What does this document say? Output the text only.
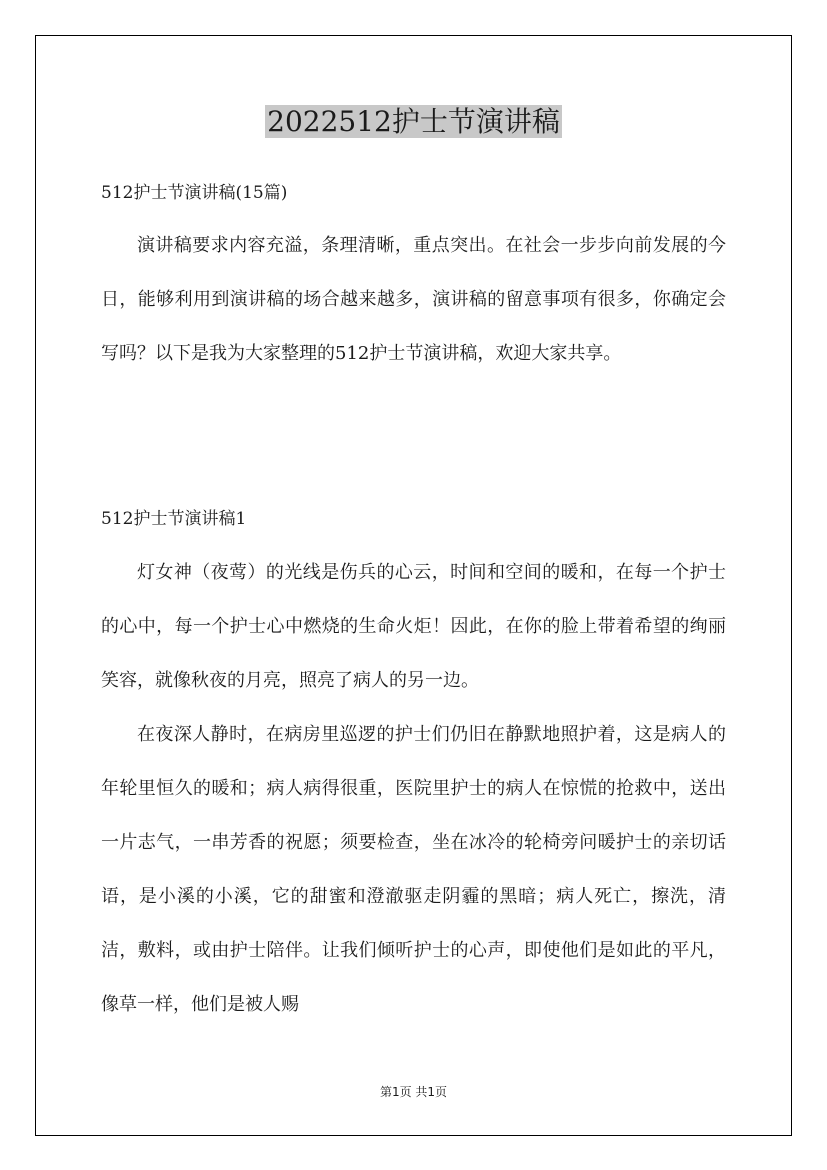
2022512护士节演讲稿
512护士节演讲稿(15篇)

演讲稿要求内容充溢，条理清晰，重点突出。在社会一步步向前发展的今日，能够利用到演讲稿的场合越来越多，演讲稿的留意事项有很多，你确定会写吗？以下是我为大家整理的512护士节演讲稿，欢迎大家共享。

512护士节演讲稿1

灯女神（夜莺）的光线是伤兵的心云，时间和空间的暖和，在每一个护士的心中，每一个护士心中燃烧的生命火炬！因此，在你的脸上带着希望的绚丽笑容，就像秋夜的月亮，照亮了病人的另一边。

在夜深人静时，在病房里巡逻的护士们仍旧在静默地照护着，这是病人的年轮里恒久的暖和；病人病得很重，医院里护士的病人在惊慌的抢救中，送出一片志气，一串芳香的祝愿；须要检查，坐在冰冷的轮椅旁问暖护士的亲切话语，是小溪的小溪，它的甜蜜和澄澈驱走阴霾的黑暗；病人死亡，擦洗，清洁，敷料，或由护士陪伴。让我们倾听护士的心声，即使他们是如此的平凡，像草一样，他们是被人赐

第1页 共1页
